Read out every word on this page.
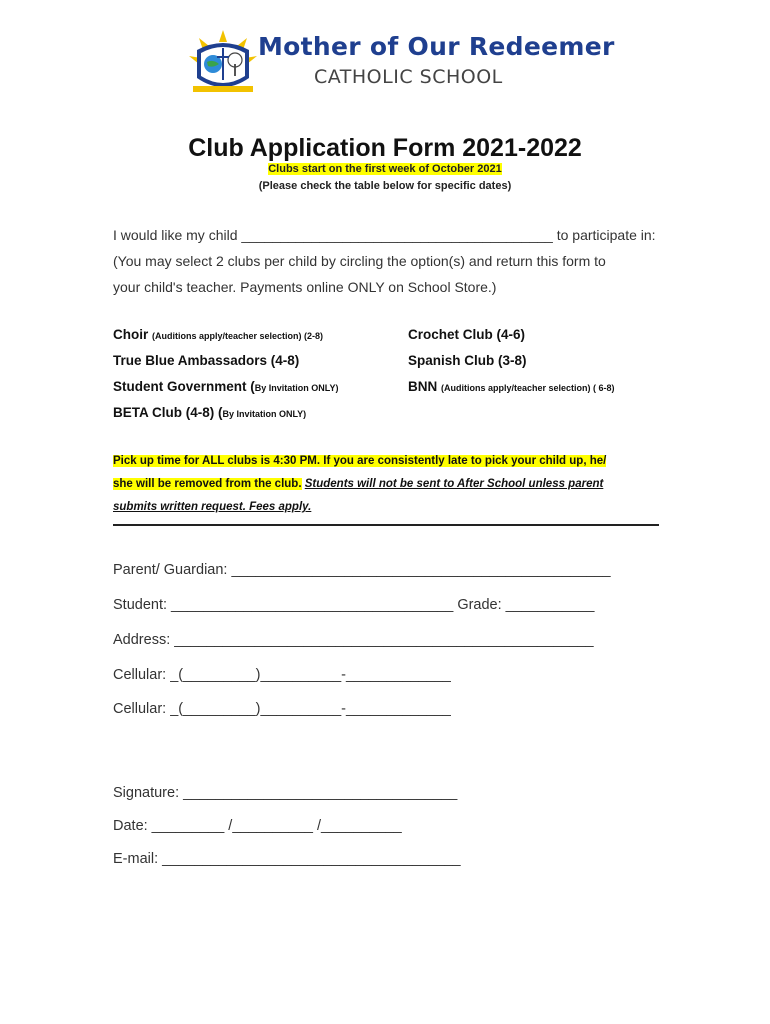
Mother of Our Redeemer
CATHOLIC SCHOOL
Club Application Form 2021-2022
Clubs start on the first week of October 2021
(Please check the table below for specific dates)
I would like my child ________________________________________ to participate in:
(You may select 2 clubs per child by circling the option(s) and return this form to
your child's teacher. Payments online ONLY on School Store.)
Choir (Auditions apply/teacher selection) (2-8)	Crochet Club (4-6)
True Blue Ambassadors (4-8)	Spanish Club (3-8)
Student Government (By Invitation ONLY)	BNN (Auditions apply/teacher selection) ( 6-8)
BETA Club (4-8) (By Invitation ONLY)
Pick up time for ALL clubs is 4:30 PM. If you are consistently late to pick your child up, he/
she will be removed from the club. Students will not be sent to After School unless parent
submits written request. Fees apply.
Parent/ Guardian: _______________________________________________
Student: ___________________________________ Grade: ___________
Address: ____________________________________________________
Cellular: _(_________)__________-_____________
Cellular: _(_________)__________-_____________
Signature: __________________________________
Date: _________ /__________ /__________
E-mail: _____________________________________
